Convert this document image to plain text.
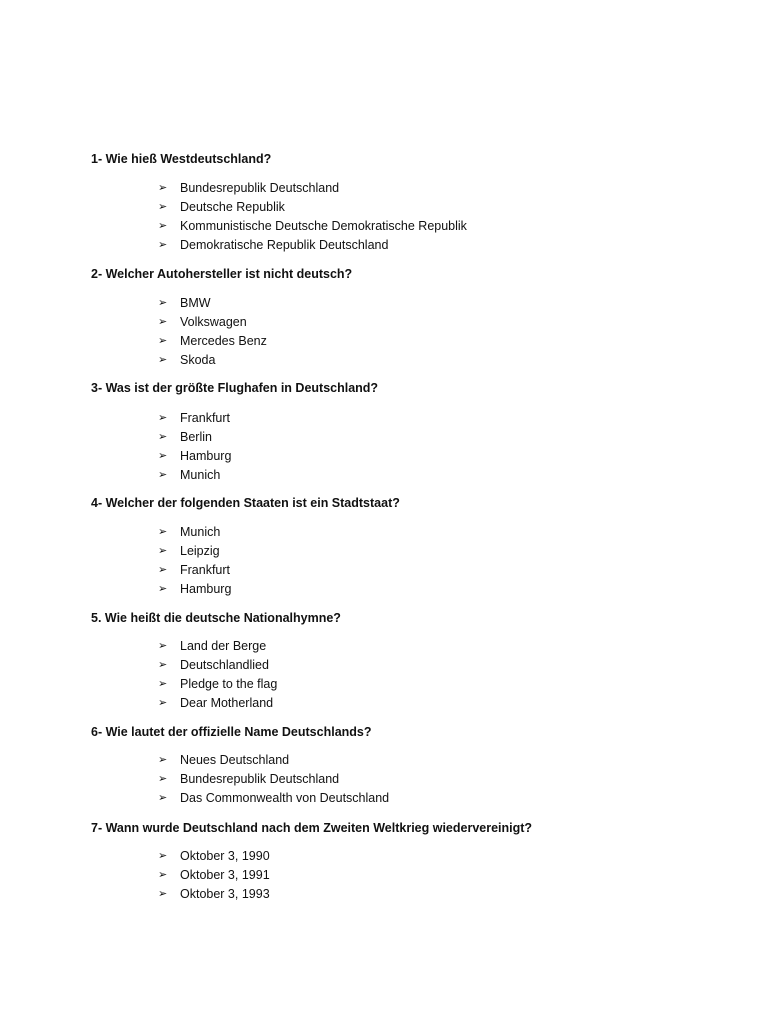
1- Wie hieß Westdeutschland?
➢	Bundesrepublik Deutschland
➢	Deutsche Republik
➢	Kommunistische Deutsche Demokratische Republik
➢	Demokratische Republik Deutschland
2- Welcher Autohersteller ist nicht deutsch?
➢	BMW
➢	Volkswagen
➢	Mercedes Benz
➢	Skoda
3- Was ist der größte Flughafen in Deutschland?
➢	Frankfurt
➢	Berlin
➢	Hamburg
➢	Munich
4- Welcher der folgenden Staaten ist ein Stadtstaat?
➢	Munich
➢	Leipzig
➢	Frankfurt
➢	Hamburg
5. Wie heißt die deutsche Nationalhymne?
➢	Land der Berge
➢	Deutschlandlied
➢	Pledge to the flag
➢	Dear Motherland
6- Wie lautet der offizielle Name Deutschlands?
➢	Neues Deutschland
➢	Bundesrepublik Deutschland
➢	Das Commonwealth von Deutschland
7- Wann wurde Deutschland nach dem Zweiten Weltkrieg wiedervereinigt?
➢	Oktober 3, 1990
➢	Oktober 3, 1991
➢	Oktober 3, 1993
